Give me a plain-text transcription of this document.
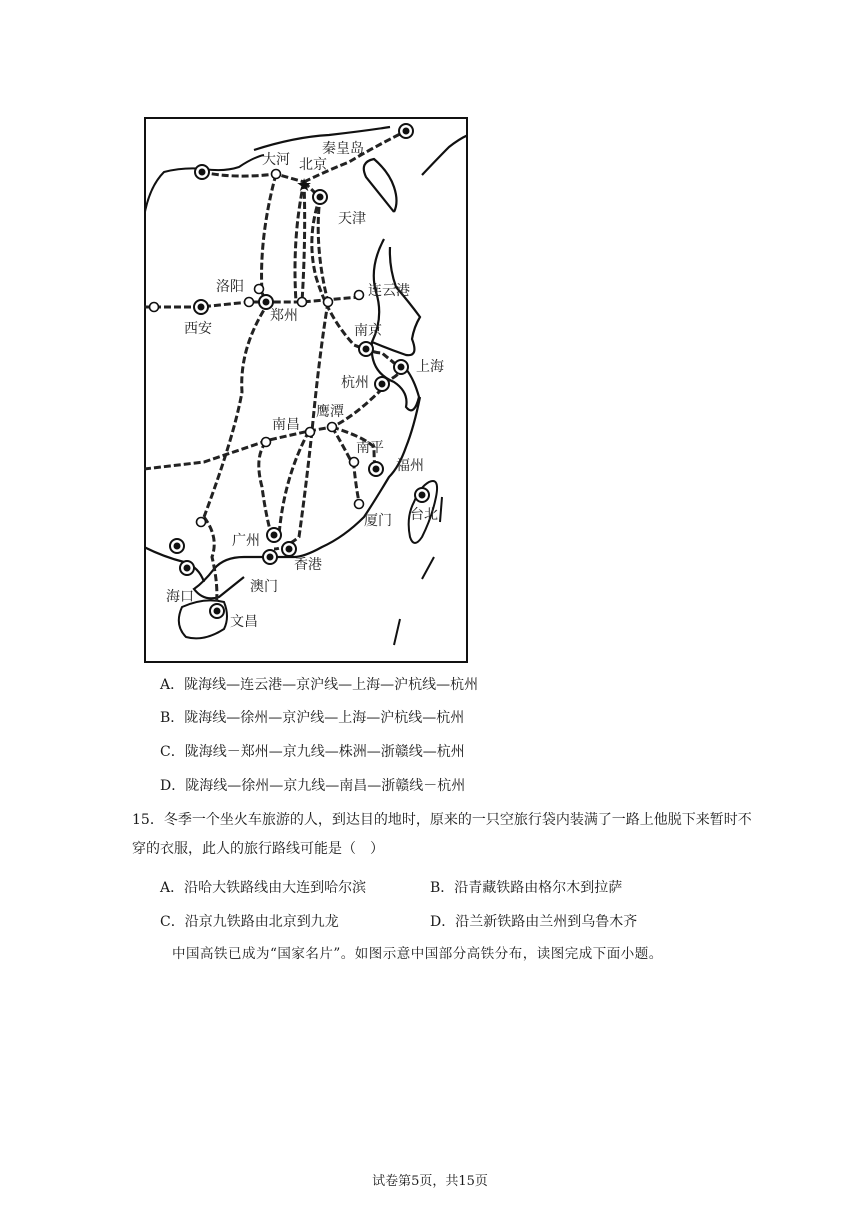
★
秦皇岛
大河 北京
天津
洛阳	连云港
西安
郑州
南京
上海
杭州
鹰潭
南昌
南平
福州
台北
厦门
广州
香港
澳门
海口
文昌
A．陇海线—连云港—京沪线—上海—沪杭线—杭州
B．陇海线—徐州—京沪线—上海—沪杭线—杭州
C．陇海线－郑州—京九线—株洲—浙赣线—杭州
D．陇海线—徐州—京九线—南昌—浙赣线－杭州
15．冬季一个坐火车旅游的人，到达目的地时，原来的一只空旅行袋内装满了一路上他脱下来暂时不穿的衣服，此人的旅行路线可能是（　）
A．沿哈大铁路线由大连到哈尔滨	B．沿青藏铁路由格尔木到拉萨
C．沿京九铁路由北京到九龙	D．沿兰新铁路由兰州到乌鲁木齐
中国高铁已成为“国家名片”。如图示意中国部分高铁分布，读图完成下面小题。
试卷第5页，共15页
